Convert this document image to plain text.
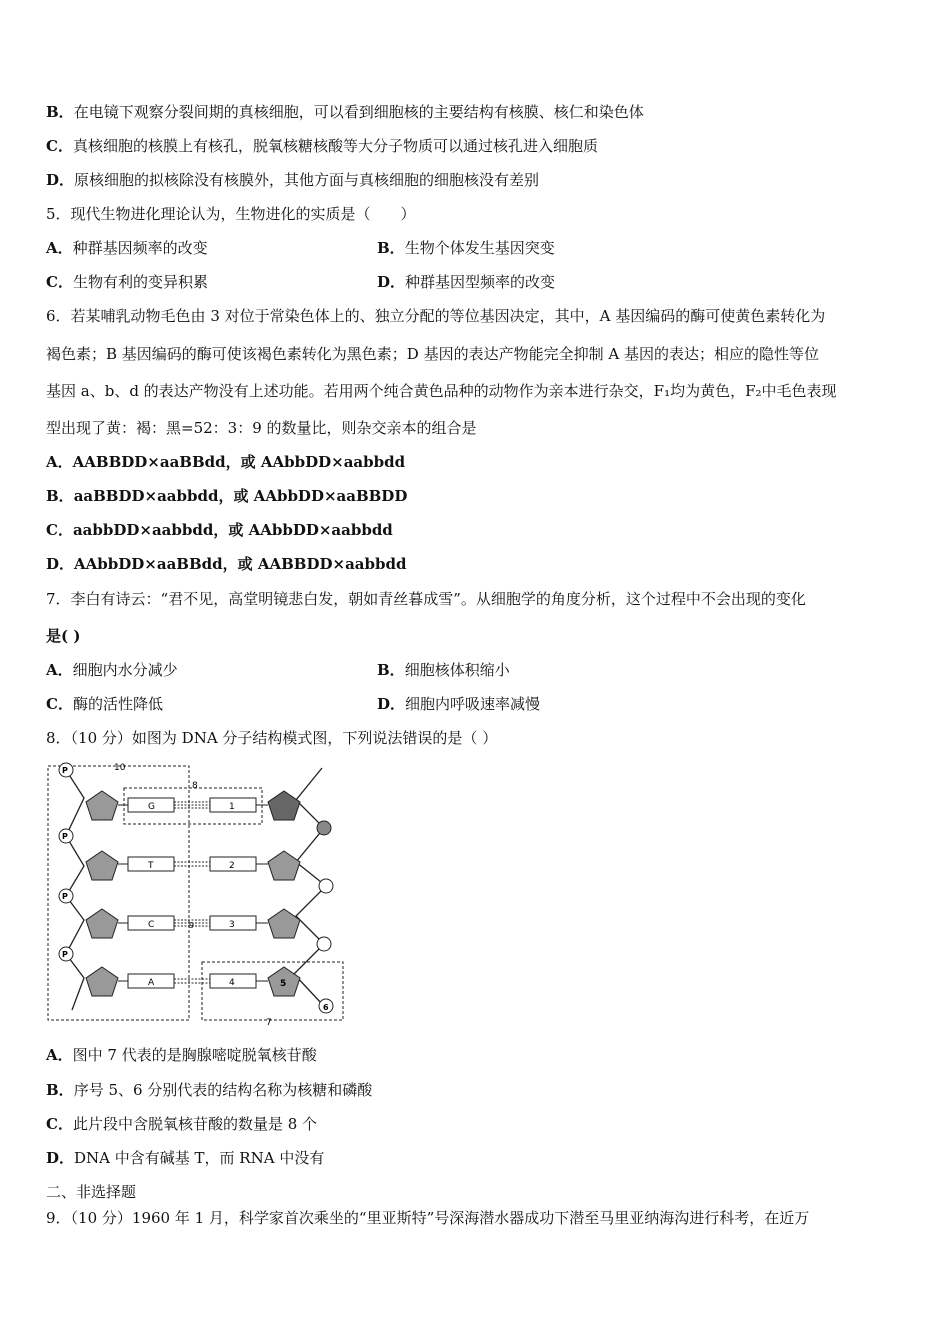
B．在电镜下观察分裂间期的真核细胞，可以看到细胞核的主要结构有核膜、核仁和染色体
C．真核细胞的核膜上有核孔，脱氧核糖核酸等大分子物质可以通过核孔进入细胞质
D．原核细胞的拟核除没有核膜外，其他方面与真核细胞的细胞核没有差别
5．现代生物进化理论认为，生物进化的实质是（　　）
A．种群基因频率的改变	B．生物个体发生基因突变
C．生物有利的变异积累	D．种群基因型频率的改变
6．若某哺乳动物毛色由 3 对位于常染色体上的、独立分配的等位基因决定，其中，A 基因编码的酶可使黄色素转化为
褐色素；B 基因编码的酶可使该褐色素转化为黑色素；D 基因的表达产物能完全抑制 A 基因的表达；相应的隐性等位
基因 a、b、d 的表达产物没有上述功能。若用两个纯合黄色品种的动物作为亲本进行杂交，F₁均为黄色，F₂中毛色表现
型出现了黄：褐：黑=52：3：9 的数量比，则杂交亲本的组合是
A．AABBDD×aaBBdd，或 AAbbDD×aabbdd
B．aaBBDD×aabbdd，或 AAbbDD×aaBBDD
C．aabbDD×aabbdd，或 AAbbDD×aabbdd
D．AAbbDD×aaBBdd，或 AABBDD×aabbdd
7．李白有诗云：“君不见，高堂明镜悲白发，朝如青丝暮成雪”。从细胞学的角度分析，这个过程中不会出现的变化
是( )
A．细胞内水分减少	B．细胞核体积缩小
C．酶的活性降低	D．细胞内呼吸速率减慢
8．（10 分）如图为 DNA 分子结构模式图，下列说法错误的是（ ）
10
8
7
P
P
P
P
6
5
G
T
C
A
9
1
2
3
4
A．图中 7 代表的是胸腺嘧啶脱氧核苷酸
B．序号 5、6 分别代表的结构名称为核糖和磷酸
C．此片段中含脱氧核苷酸的数量是 8 个
D．DNA 中含有碱基 T，而 RNA 中没有
二、非选择题
9．（10 分）1960 年 1 月，科学家首次乘坐的“里亚斯特”号深海潜水器成功下潜至马里亚纳海沟进行科考，在近万
